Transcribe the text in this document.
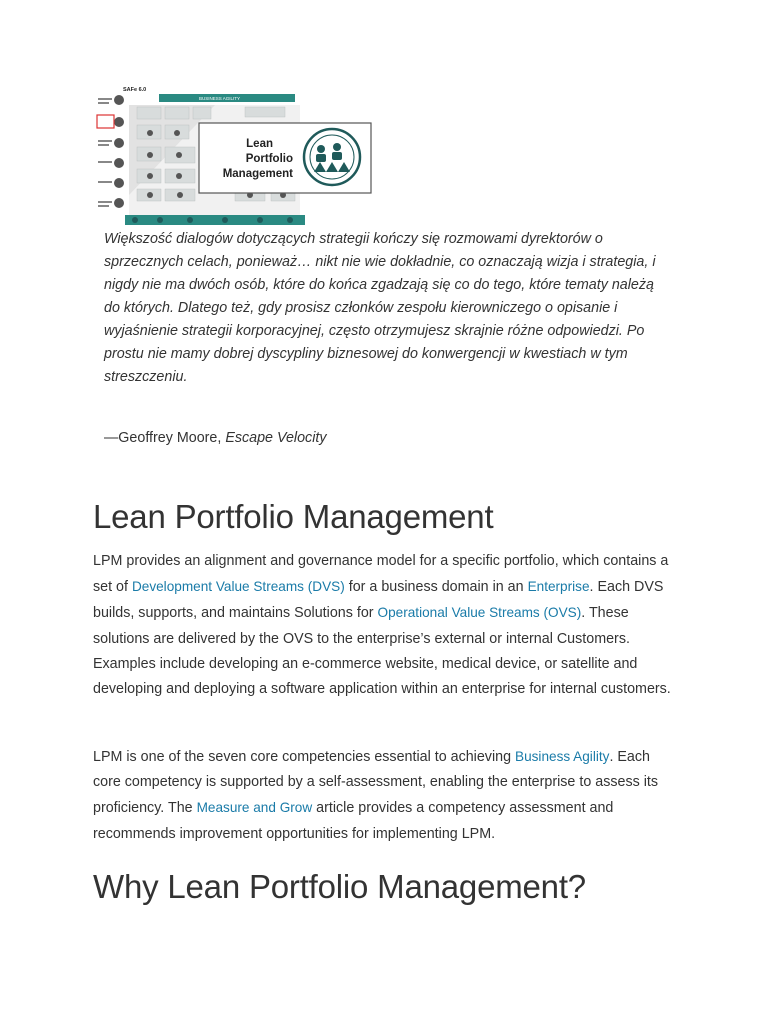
SAFe 6.0
BUSINESS AGILITY
Lean
Portfolio
Management
Większość dialogów dotyczących strategii kończy się rozmowami dyrektorów o sprzecznych celach, ponieważ… nikt nie wie dokładnie, co oznaczają wizja i strategia, i nigdy nie ma dwóch osób, które do końca zgadzają się co do tego, które tematy należą do których. Dlatego też, gdy prosisz członków zespołu kierowniczego o opisanie i wyjaśnienie strategii korporacyjnej, często otrzymujesz skrajnie różne odpowiedzi. Po prostu nie mamy dobrej dyscypliny biznesowej do konwergencji w kwestiach w tym streszczeniu.
—Geoffrey Moore, Escape Velocity
Lean Portfolio Management

LPM provides an alignment and governance model for a specific portfolio, which contains a set of Development Value Streams (DVS) for a business domain in an Enterprise. Each DVS builds, supports, and maintains Solutions for Operational Value Streams (OVS). These solutions are delivered by the OVS to the enterprise’s external or internal Customers. Examples include developing an e-commerce website, medical device, or satellite and developing and deploying a software application within an enterprise for internal customers.

LPM is one of the seven core competencies essential to achieving Business Agility. Each core competency is supported by a self-assessment, enabling the enterprise to assess its proficiency. The Measure and Grow article provides a competency assessment and recommends improvement opportunities for implementing LPM.

Why Lean Portfolio Management?
